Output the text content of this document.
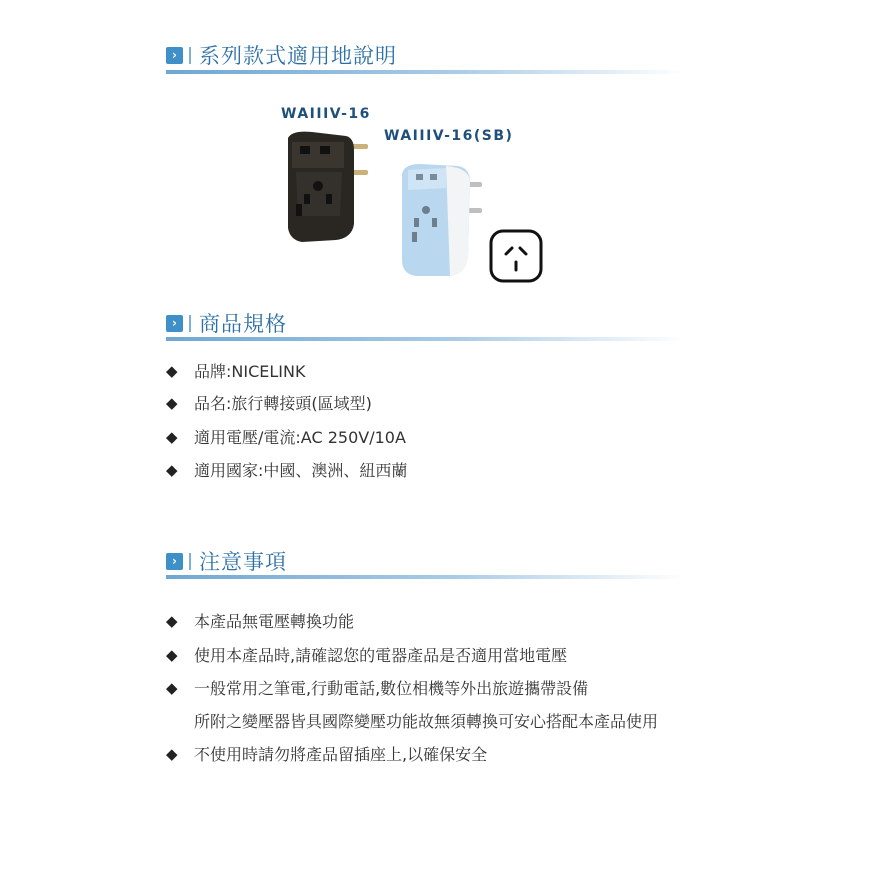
› 系列款式適用地說明
WAIIIV-16
WAIIIV-16(SB)
› 商品規格
◆	品牌:NICELINK
◆	品名:旅行轉接頭(區域型)
◆	適用電壓/電流:AC 250V/10A
◆	適用國家:中國、澳洲、紐西蘭
› 注意事項
◆	本產品無電壓轉換功能
◆	使用本產品時,請確認您的電器產品是否適用當地電壓
◆	一般常用之筆電,行動電話,數位相機等外出旅遊攜帶設備
◆	不使用時請勿將產品留插座上,以確保安全
所附之變壓器皆具國際變壓功能故無須轉換可安心搭配本產品使用
